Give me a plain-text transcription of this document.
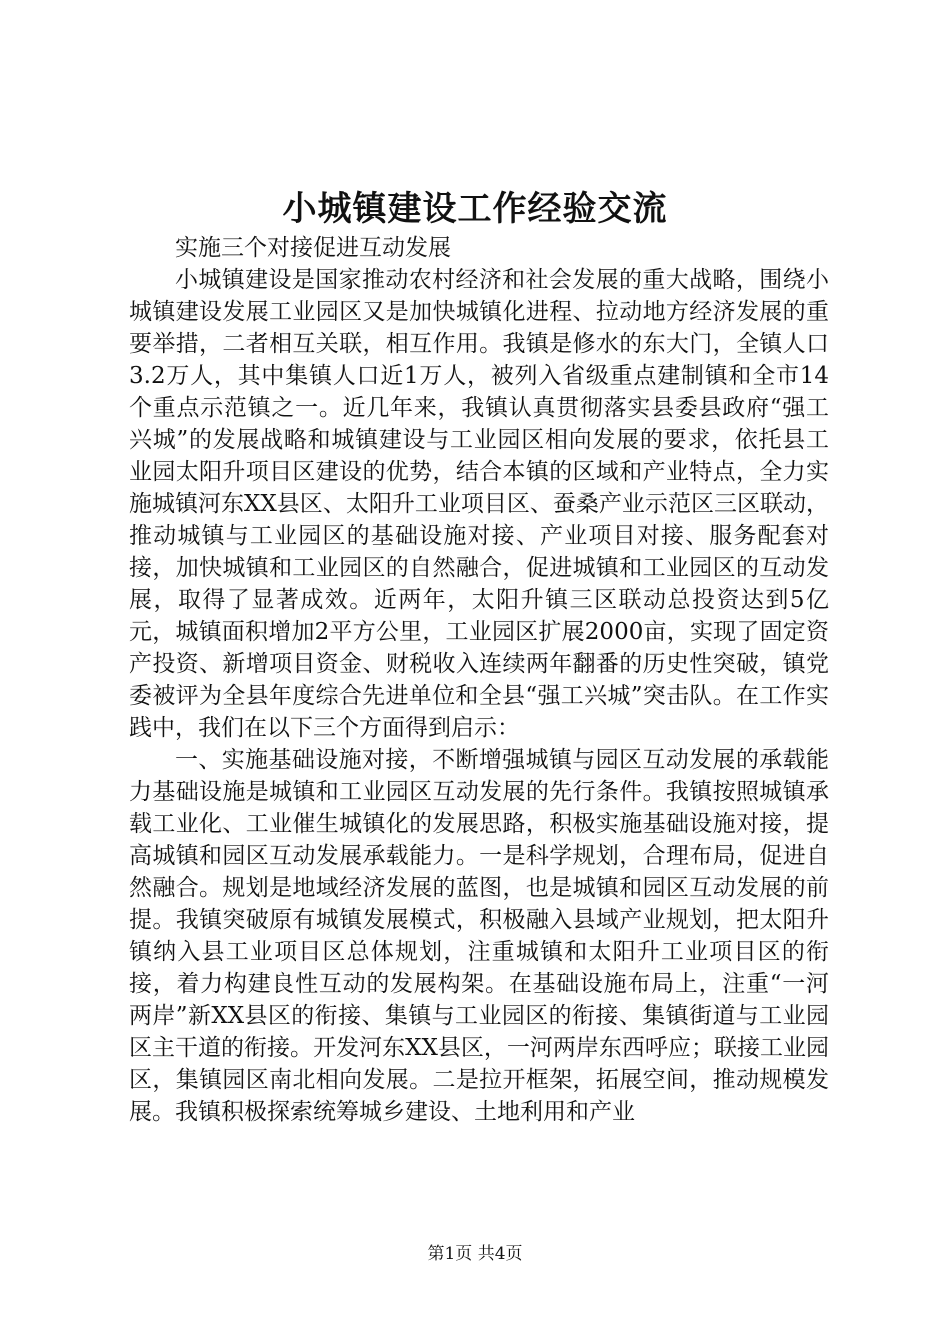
小城镇建设工作经验交流

实施三个对接促进互动发展

小城镇建设是国家推动农村经济和社会发展的重大战略，围绕小城镇建设发展工业园区又是加快城镇化进程、拉动地方经济发展的重要举措，二者相互关联，相互作用。我镇是修水的东大门，全镇人口3.2万人，其中集镇人口近1万人，被列入省级重点建制镇和全市14个重点示范镇之一。近几年来，我镇认真贯彻落实县委县政府“强工兴城”的发展战略和城镇建设与工业园区相向发展的要求，依托县工业园太阳升项目区建设的优势，结合本镇的区域和产业特点，全力实施城镇河东XX县区、太阳升工业项目区、蚕桑产业示范区三区联动，推动城镇与工业园区的基础设施对接、产业项目对接、服务配套对接，加快城镇和工业园区的自然融合，促进城镇和工业园区的互动发展，取得了显著成效。近两年，太阳升镇三区联动总投资达到5亿元，城镇面积增加2平方公里，工业园区扩展2000亩，实现了固定资产投资、新增项目资金、财税收入连续两年翻番的历史性突破，镇党委被评为全县年度综合先进单位和全县“强工兴城”突击队。在工作实践中，我们在以下三个方面得到启示：

一、实施基础设施对接，不断增强城镇与园区互动发展的承载能力基础设施是城镇和工业园区互动发展的先行条件。我镇按照城镇承载工业化、工业催生城镇化的发展思路，积极实施基础设施对接，提高城镇和园区互动发展承载能力。一是科学规划，合理布局，促进自然融合。规划是地域经济发展的蓝图，也是城镇和园区互动发展的前提。我镇突破原有城镇发展模式，积极融入县域产业规划，把太阳升镇纳入县工业项目区总体规划，注重城镇和太阳升工业项目区的衔接，着力构建良性互动的发展构架。在基础设施布局上，注重“一河两岸”新XX县区的衔接、集镇与工业园区的衔接、集镇街道与工业园区主干道的衔接。开发河东XX县区，一河两岸东西呼应；联接工业园区，集镇园区南北相向发展。二是拉开框架，拓展空间，推动规模发展。我镇积极探索统筹城乡建设、土地利用和产业

第1页 共4页
